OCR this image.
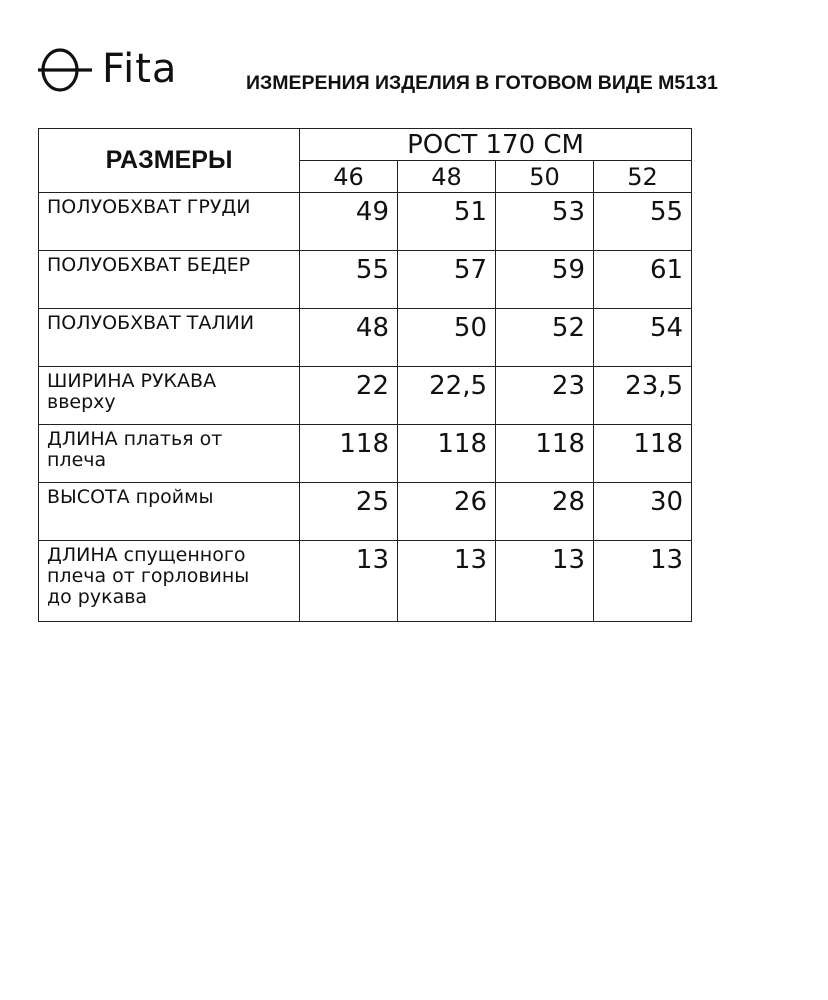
Fita	ИЗМЕРЕНИЯ ИЗДЕЛИЯ В ГОТОВОМ ВИДЕ М5131
РАЗМЕРЫ	РОСТ 170 СМ			
	46	48	50	52

ПОЛУОБХВАТ ГРУДИ	49	51	53	55

ПОЛУОБХВАТ БЕДЕР	55	57	59	61

ПОЛУОБХВАТ ТАЛИИ	48	50	52	54

ШИРИНА РУКАВА
вверху	22	22,5	23	23,5

ДЛИНА платья от
плеча	118	118	118	118

ВЫСОТА проймы	25	26	28	30

ДЛИНА спущенного
плеча от горловины
до рукава	13	13	13	13
